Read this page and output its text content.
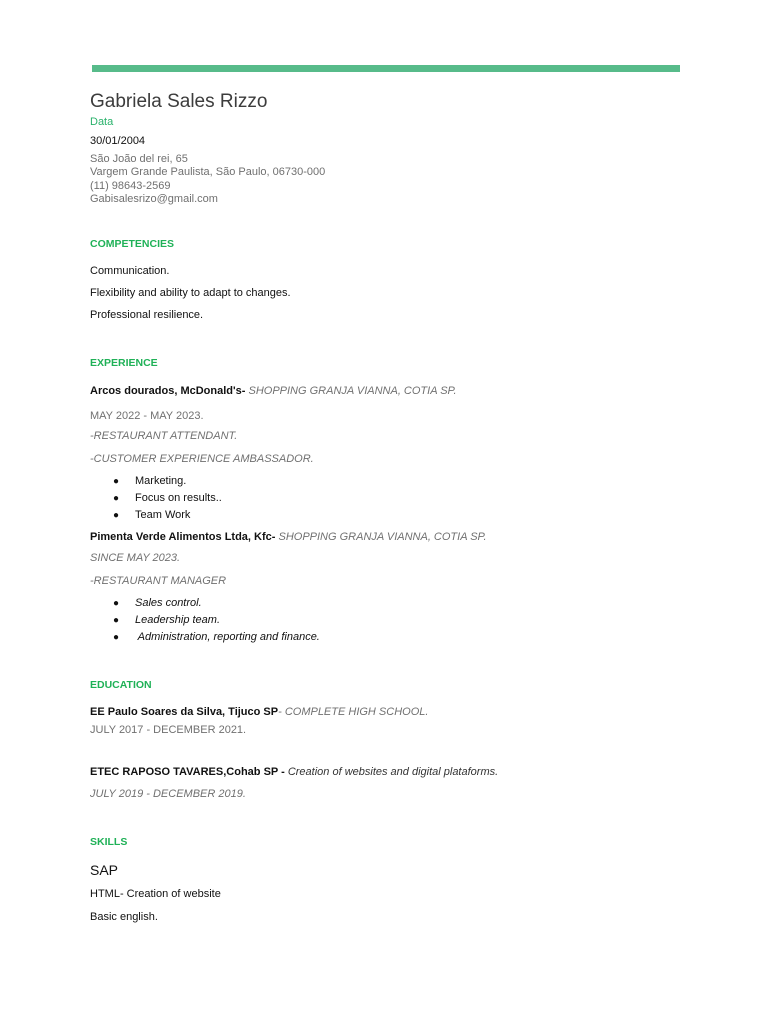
Gabriela Sales Rizzo
Data
30/01/2004
São João del rei, 65
Vargem Grande Paulista, São Paulo, 06730-000
(11) 98643-2569
Gabisalesrizo@gmail.com
COMPETENCIES
Communication.
Flexibility and ability to adapt to changes.
Professional resilience.
EXPERIENCE
Arcos dourados, McDonald's- SHOPPING GRANJA VIANNA, COTIA SP.
MAY 2022 - MAY 2023.
-RESTAURANT ATTENDANT.
-CUSTOMER EXPERIENCE AMBASSADOR.
● Marketing.
● Focus on results..
● Team Work
Pimenta Verde Alimentos Ltda, Kfc- SHOPPING GRANJA VIANNA, COTIA SP.
SINCE MAY 2023.
-RESTAURANT MANAGER
● Sales control.
● Leadership team.
● Administration, reporting and finance.
EDUCATION
EE Paulo Soares da Silva, Tijuco SP- COMPLETE HIGH SCHOOL.
JULY 2017 - DECEMBER 2021.
ETEC RAPOSO TAVARES,Cohab SP - Creation of websites and digital plataforms.
JULY 2019 - DECEMBER 2019.
SKILLS
SAP
HTML- Creation of website
Basic english.
